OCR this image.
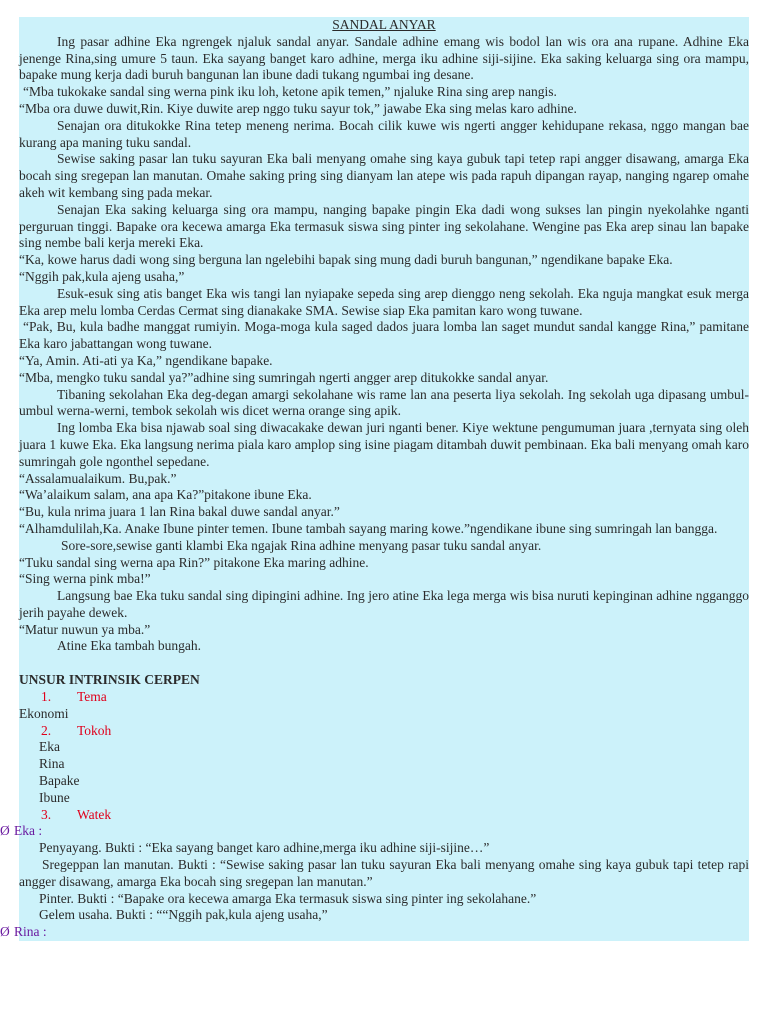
SANDAL ANYAR

Ing pasar adhine Eka ngrengek njaluk sandal anyar. Sandale adhine emang wis bodol lan wis ora ana rupane. Adhine Eka jenenge Rina,sing umure 5 taun. Eka sayang banget karo adhine, merga iku adhine siji-sijine. Eka saking keluarga sing ora mampu, bapake mung kerja dadi buruh bangunan lan ibune dadi tukang ngumbai ing desane.

“Mba tukokake sandal sing werna pink iku loh, ketone apik temen,” njaluke Rina sing arep nangis.

“Mba ora duwe duwit,Rin. Kiye duwite arep nggo tuku sayur tok,” jawabe Eka sing melas karo adhine.

Senajan ora ditukokke Rina tetep meneng nerima. Bocah cilik kuwe wis ngerti angger kehidupane rekasa, nggo mangan bae kurang apa maning tuku sandal.

Sewise saking pasar lan tuku sayuran Eka bali menyang omahe sing kaya gubuk tapi tetep rapi angger disawang, amarga Eka bocah sing sregepan lan manutan. Omahe saking pring sing dianyam lan atepe wis pada rapuh dipangan rayap, nanging ngarep omahe akeh wit kembang sing pada mekar.

Senajan Eka saking keluarga sing ora mampu, nanging bapake pingin Eka dadi wong sukses lan pingin nyekolahke nganti perguruan tinggi. Bapake ora kecewa amarga Eka termasuk siswa sing pinter ing sekolahane. Wengine pas Eka arep sinau lan bapake sing nembe bali kerja mereki Eka.

“Ka, kowe harus dadi wong sing berguna lan ngelebihi bapak sing mung dadi buruh bangunan,” ngendikane bapake Eka.

“Nggih pak,kula ajeng usaha,”

Esuk-esuk sing atis banget Eka wis tangi lan nyiapake sepeda sing arep dienggo neng sekolah. Eka nguja mangkat esuk merga Eka arep melu lomba Cerdas Cermat sing dianakake SMA. Sewise siap Eka pamitan karo wong tuwane.

“Pak, Bu, kula badhe manggat rumiyin. Moga-moga kula saged dados juara lomba lan saget mundut sandal kangge Rina,” pamitane Eka karo jabattangan wong tuwane.

“Ya, Amin. Ati-ati ya Ka,” ngendikane bapake.

“Mba, mengko tuku sandal ya?”adhine sing sumringah ngerti angger arep ditukokke sandal anyar.

Tibaning sekolahan Eka deg-degan amargi sekolahane wis rame lan ana peserta liya sekolah. Ing sekolah uga dipasang umbul-umbul werna-werni, tembok sekolah wis dicet werna orange sing apik.

Ing lomba Eka bisa njawab soal sing diwacakake dewan juri nganti bener. Kiye wektune pengumuman juara ,ternyata sing oleh juara 1 kuwe Eka. Eka langsung nerima piala karo amplop sing isine piagam ditambah duwit pembinaan. Eka bali menyang omah karo sumringah gole ngonthel sepedane.

“Assalamualaikum. Bu,pak.”

“Wa’alaikum salam, ana apa Ka?”pitakone ibune Eka.

“Bu, kula nrima juara 1 lan Rina bakal duwe sandal anyar.”

“Alhamdulilah,Ka. Anake Ibune pinter temen. Ibune tambah sayang maring kowe.”ngendikane ibune sing sumringah lan bangga.

Sore-sore,sewise ganti klambi Eka ngajak Rina adhine menyang pasar tuku sandal anyar.

“Tuku sandal sing werna apa Rin?” pitakone Eka maring adhine.

“Sing werna pink mba!”

Langsung bae Eka tuku sandal sing dipingini adhine. Ing jero atine Eka lega merga wis bisa nuruti kepinginan adhine ngganggo jerih payahe dewek.

“Matur nuwun ya mba.”

Atine Eka tambah bungah.

UNSUR INTRINSIK CERPEN

1.	Tema

Ekonomi

2.	Tokoh

Eka

Rina

Bapake

Ibune

3.	Watek
Ø Eka :

Penyayang. Bukti : “Eka sayang banget karo adhine,merga iku adhine siji-sijine…”

Sregeppan lan manutan. Bukti : “Sewise saking pasar lan tuku sayuran Eka bali menyang omahe sing kaya gubuk tapi tetep rapi angger disawang, amarga Eka bocah sing sregepan lan manutan.”

Pinter. Bukti : “Bapake ora kecewa amarga Eka termasuk siswa sing pinter ing sekolahane.”

Gelem usaha. Bukti : ““Nggih pak,kula ajeng usaha,”

Ø Rina :
